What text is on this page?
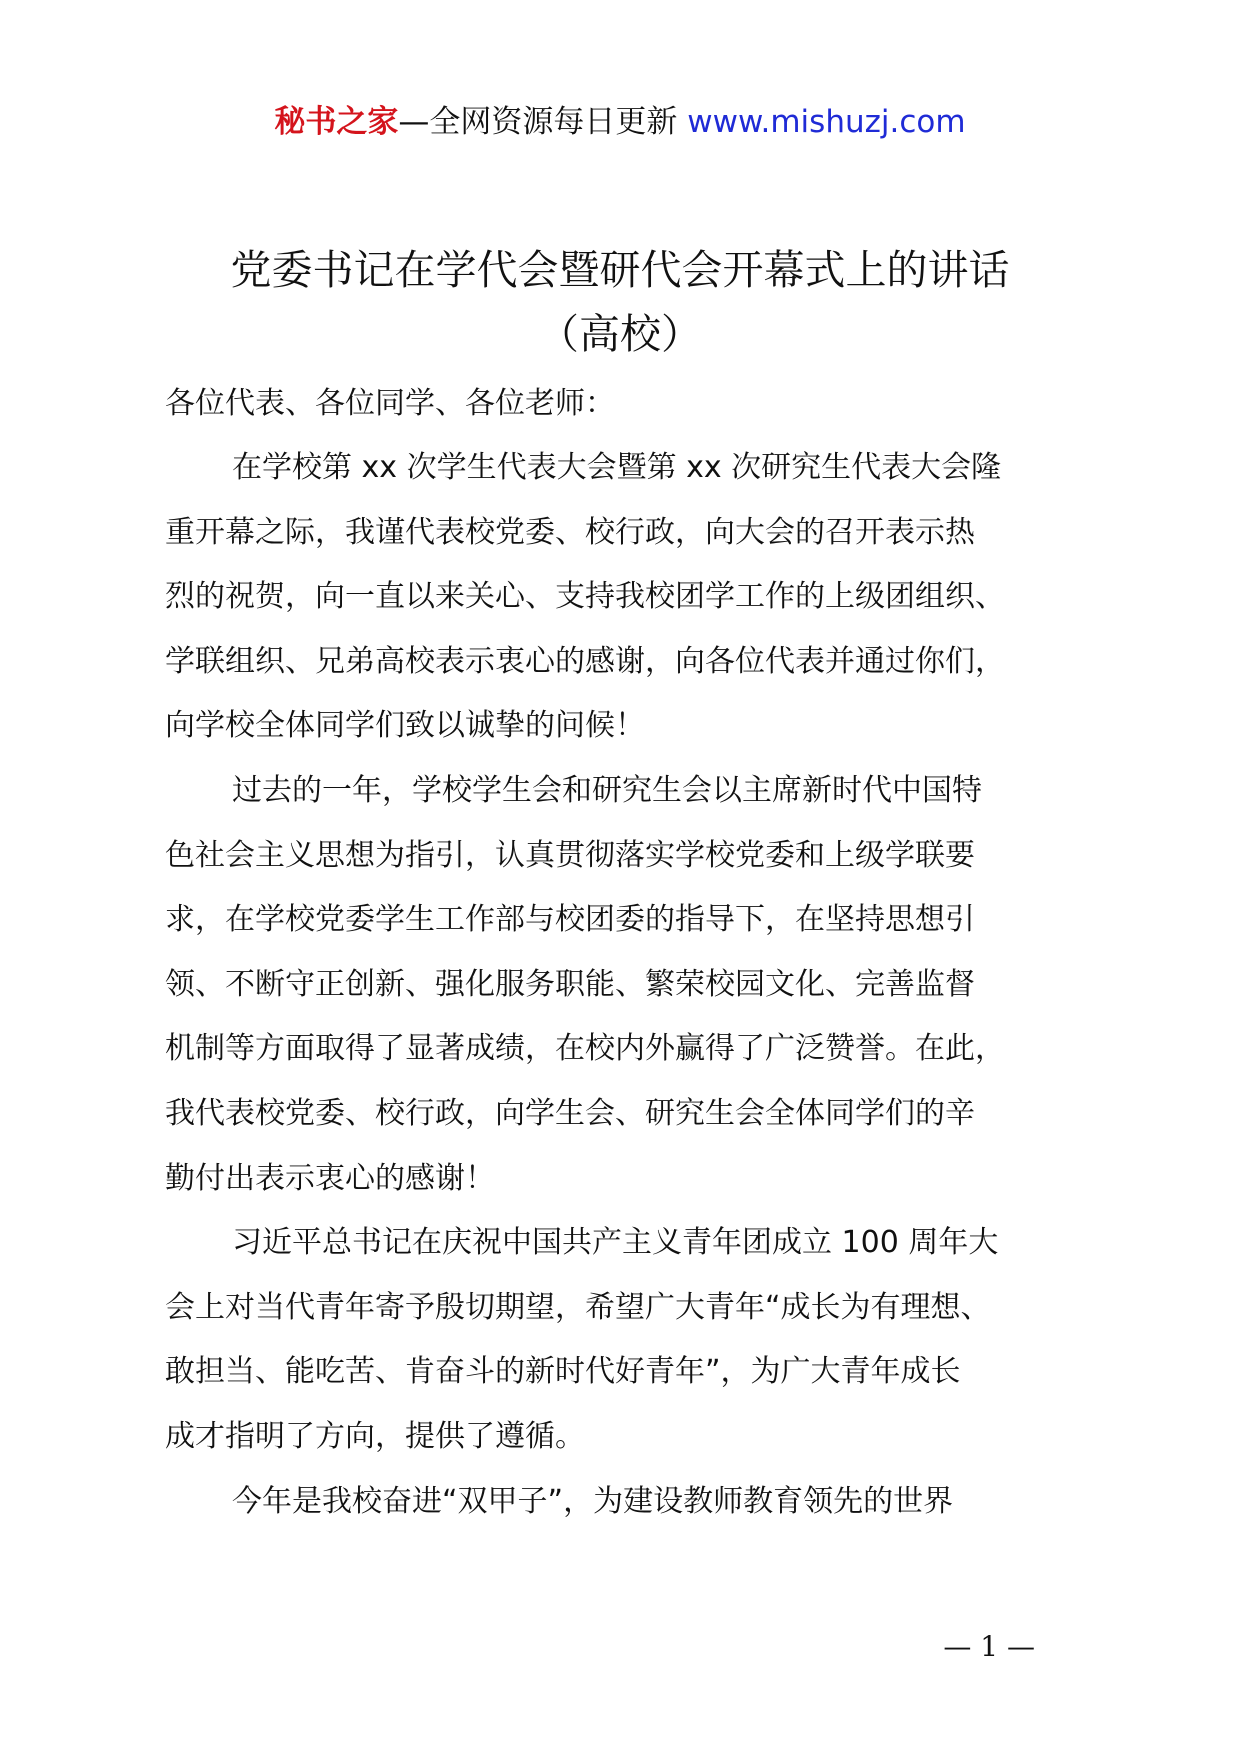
秘书之家—全网资源每日更新 www.mishuzj.com
党委书记在学代会暨研代会开幕式上的讲话
（高校）
各位代表、各位同学、各位老师：
在学校第 xx 次学生代表大会暨第 xx 次研究生代表大会隆
重开幕之际，我谨代表校党委、校行政，向大会的召开表示热
烈的祝贺，向一直以来关心、支持我校团学工作的上级团组织、
学联组织、兄弟高校表示衷心的感谢，向各位代表并通过你们，
向学校全体同学们致以诚挚的问候！
过去的一年，学校学生会和研究生会以主席新时代中国特
色社会主义思想为指引，认真贯彻落实学校党委和上级学联要
求，在学校党委学生工作部与校团委的指导下，在坚持思想引
领、不断守正创新、强化服务职能、繁荣校园文化、完善监督
机制等方面取得了显著成绩，在校内外赢得了广泛赞誉。在此，
我代表校党委、校行政，向学生会、研究生会全体同学们的辛
勤付出表示衷心的感谢！
习近平总书记在庆祝中国共产主义青年团成立 100 周年大
会上对当代青年寄予殷切期望，希望广大青年“成长为有理想、
敢担当、能吃苦、肯奋斗的新时代好青年”，为广大青年成长
成才指明了方向，提供了遵循。
今年是我校奋进“双甲子”，为建设教师教育领先的世界
— 1 —
